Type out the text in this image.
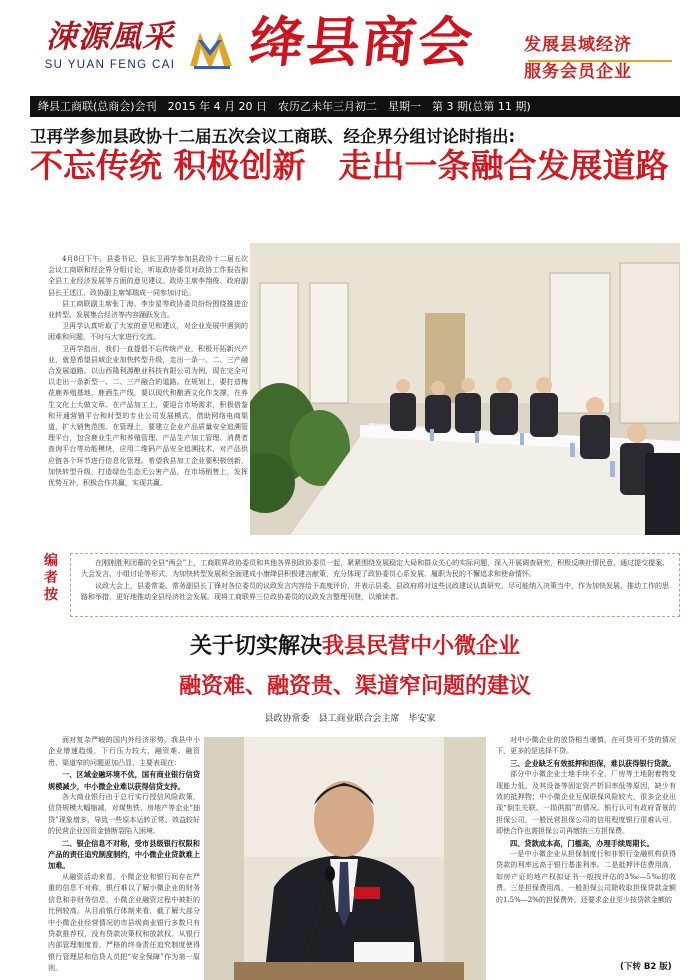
涑源風采
SU YUAN FENG CAI 绛县商会	发展县域经济
服务会员企业
绛县工商联(总商会)会刊　2015 年 4 月 20 日　农历乙未年三月初二　星期一　第 3 期(总第 11 期)
卫再学参加县政协十二届五次会议工商联、经企界分组讨论时指出:
不忘传统 积极创新　走出一条融合发展道路

4月8日下午，县委书记、县长卫再学参加县政协十二届五次会议工商联和经企界分组讨论，听取政协委员对政协工作报告和全县工业经济发展等方面的意见建议。政协主席李翔俊、政府副县长王述江、政协副主席邹瑞成一同参加讨论。

县工商联副主席张丁海、李步星等政协委员纷纷围绕推进企业转型、发展集合经济等内容踊跃发言。

卫再学认真听取了大家的意见和建议，对企业发展中遇到的困难和问题，不时与大家进行交流。

卫再学指出，我们一直提倡不忘传统产业，积极开拓新兴产业，就是希望县域企业加快转型升级，走出一条一、二、三产融合发展道路。以山西隆利源酿业科技有限公司为例，现在完全可以走出一条新型一、二、三产融合的道路。在规划上，要打造梅花鹿养殖基地、鹿酒生产线，要以现代和酿酒文化作支撑，在养生文化上大做文章。在产品加工上，要迎合市场需求，积极借鉴和开通营销平台和时型的专业公司发展模式，借助网络电商渠道，扩大销售范围。在管理上，要建立企业产品质量安全追溯管理平台，包含鹿业生产和养殖管理、产品生产加工管理、消费者查询平台等功能模块，应用二维码产品安全追溯技术，对产品供应链各个环节进行信息化管理。希望我县加工企业要积极创新，加快转型升级，打造绿色生态无公害产品，在市场销售上，发挥优势互补，积极合作共赢，实现共赢。

编者按

在刚刚胜利闭幕的全县“两会”上，工商联界政协委员和其他各界别政协委员一起，紧紧围绕发展稳定大局和群众关心的实际问题，深入开展调查研究，积极反映社情民意，通过提交提案、大会发言、小组讨论等形式，为加快转型发展和全面建成小康绛县积极建言献策，充分体现了政协委员心系发展、履职为民的不懈追求和使命情怀。

议政大会上，县委常委、常务副县长丁锋对各位委员的议政发言内容给予高度评价，并表示县委、县政府将对这些议政建议认真研究，尽可能纳入决策当中，作为加快发展、推动工作的思路和举措，更好地推动全县经济社会发展。现将工商联界三位政协委员的议政发言整理刊登，以飨读者。

关于切实解决我县民营中小微企业
融资难、融资贵、渠道窄问题的建议
县政协常委　县工商业联合会主席　毕安家

面对复杂严峻的国内外经济形势，我县中小企业增速趋缓，下行压力较大，融资难、融资贵、渠道窄的问题更加凸显，主要表现在：

一、区域金融环境不优，国有商业银行信贷规模减少，中小微企业难以获得信贷支持。

各大商业银行由于总行实行授信风险政策，信贷规模大幅缩减，对煤焦铁、房地产等企业“抽贷”现象增多，导致一些原本运转正常、效益较好的民营企业因资金链断裂陷入困境。

二、银企信息不对称，受市县级银行权限和产品的责任追究制度制约，中小微企业贷款难上加难。

从融资活动来看，小微企业和银行间存在严重的信息不对称，银行难以了解小微企业的财务信息和非财务信息，小微企业融资过程中被拒的比例较高。从目前银行体制来看，截了解大部分中小微企业经营情况的市县级商业银行多数只有贷款推荐权，没有贷款决策权和放款权。从银行内部管理制度看，严格的终身责任追究制度使得银行管理层和信贷人员把“安全保障”作为第一原则。

对中小微企业的放贷相当谨慎，在可贷可不贷的情况下，更多的是选择不贷。

三、企业缺乏有效抵押和担保，难以获得银行贷款。

部分中小微企业土地手续不全，厂房等土地附着物变现能力低，及其设备等固定资产折旧率低等原因，缺少有效的抵押物；中小微企业互保联保风险较大，很多企业出现“倒生关联、一损俱损”的情况。银行认可有政府背景的担保公司，一般民营担保公司的信用程度银行很难认可，即使合作也需担保公司再缴纳三方担保费。

四、贷款成本高，门槛高，办理手续周期长。

一是中小微企业从担保制度行和非银行金融机构获得贷款的利率远高于银行基准利率。二是抵押评估费用高，如房产证的地产权拟证书一般按评估的3‰—5‰的收费。三是担保费用高，一般担保公司除收取担保贷款金额的1.5%—2%的担保费外，还要求企业至少按贷款金额的

(下转 B2 版)
